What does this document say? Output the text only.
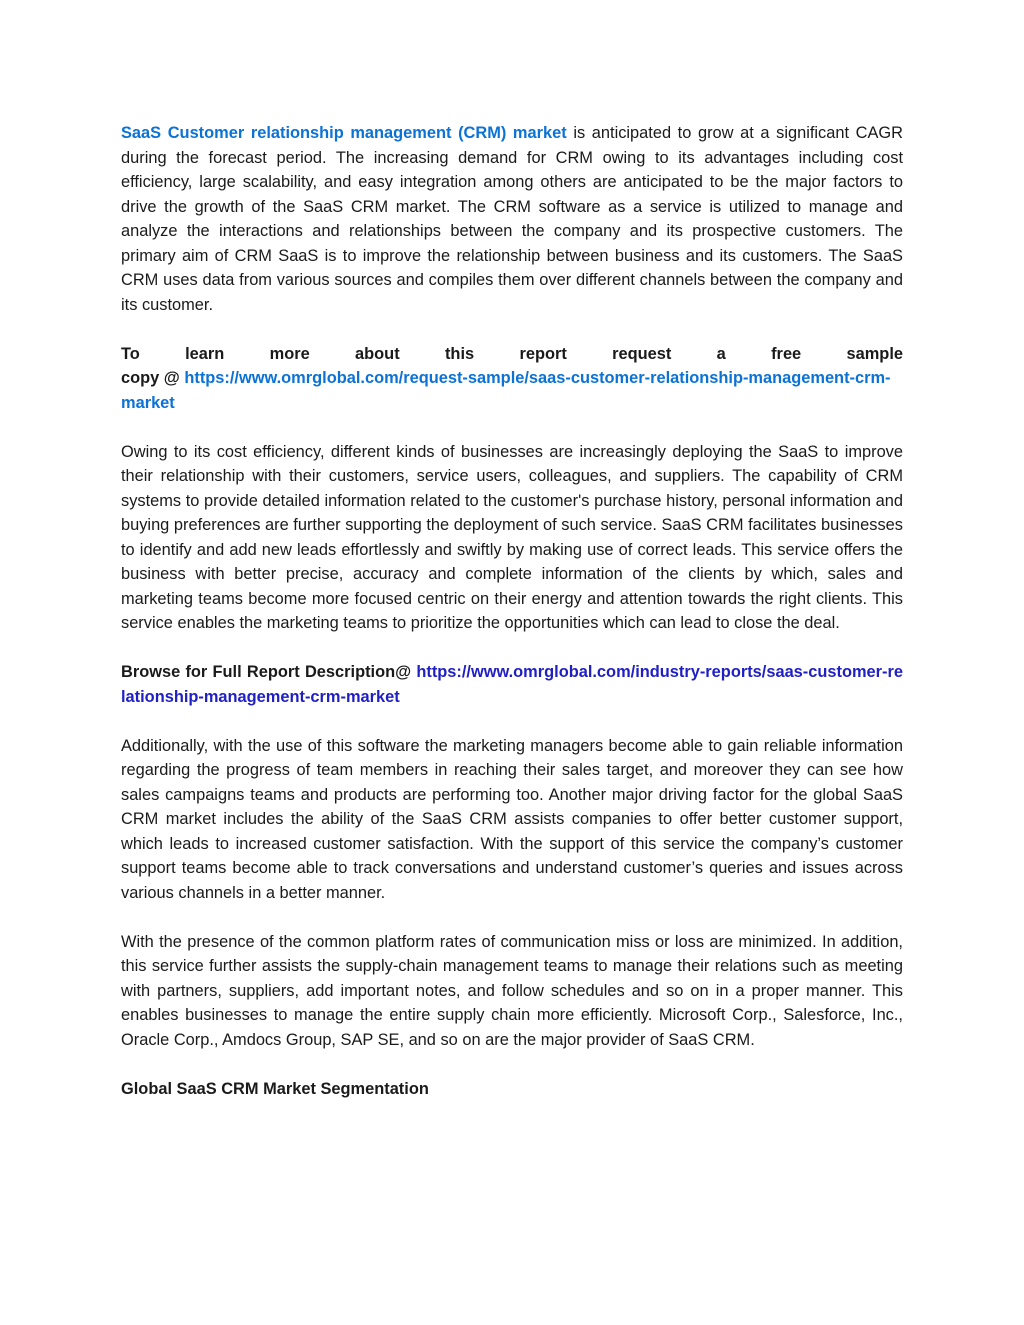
SaaS Customer relationship management (CRM) market is anticipated to grow at a significant CAGR during the forecast period. The increasing demand for CRM owing to its advantages including cost efficiency, large scalability, and easy integration among others are anticipated to be the major factors to drive the growth of the SaaS CRM market. The CRM software as a service is utilized to manage and analyze the interactions and relationships between the company and its prospective customers. The primary aim of CRM SaaS is to improve the relationship between business and its customers. The SaaS CRM uses data from various sources and compiles them over different channels between the company and its customer.

To learn more about this report request a free sample

copy @ https://www.omrglobal.com/request-sample/saas-customer-relationship-management-crm-market

Owing to its cost efficiency, different kinds of businesses are increasingly deploying the SaaS to improve their relationship with their customers, service users, colleagues, and suppliers. The capability of CRM systems to provide detailed information related to the customer's purchase history, personal information and buying preferences are further supporting the deployment of such service. SaaS CRM facilitates businesses to identify and add new leads effortlessly and swiftly by making use of correct leads. This service offers the business with better precise, accuracy and complete information of the clients by which, sales and marketing teams become more focused centric on their energy and attention towards the right clients. This service enables the marketing teams to prioritize the opportunities which can lead to close the deal.

Browse for Full Report Description@ https://www.omrglobal.com/industry-reports/saas-customer-relationship-management-crm-market

Additionally, with the use of this software the marketing managers become able to gain reliable information regarding the progress of team members in reaching their sales target, and moreover they can see how sales campaigns teams and products are performing too. Another major driving factor for the global SaaS CRM market includes the ability of the SaaS CRM assists companies to offer better customer support, which leads to increased customer satisfaction. With the support of this service the company’s customer support teams become able to track conversations and understand customer’s queries and issues across various channels in a better manner.

With the presence of the common platform rates of communication miss or loss are minimized. In addition, this service further assists the supply-chain management teams to manage their relations such as meeting with partners, suppliers, add important notes, and follow schedules and so on in a proper manner. This enables businesses to manage the entire supply chain more efficiently. Microsoft Corp., Salesforce, Inc., Oracle Corp., Amdocs Group, SAP SE, and so on are the major provider of SaaS CRM.

Global SaaS CRM Market Segmentation
